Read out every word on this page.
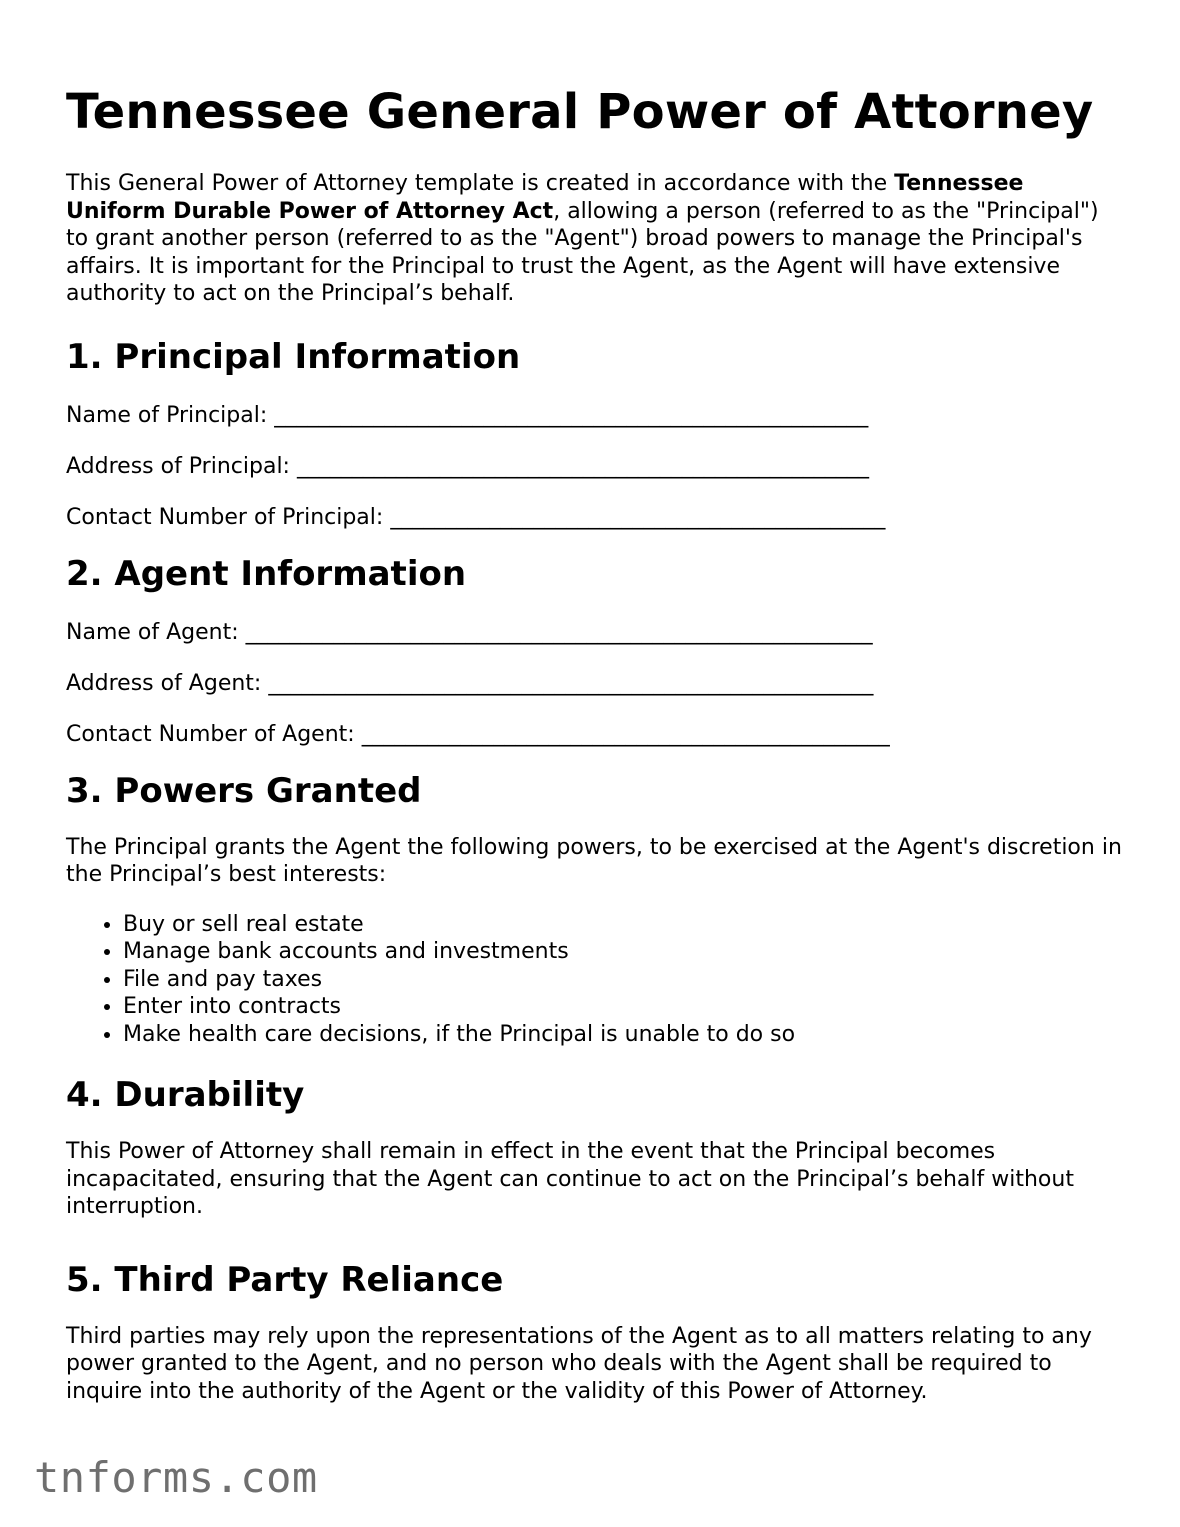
Tennessee General Power of Attorney

This General Power of Attorney template is created in accordance with the Tennessee Uniform Durable Power of Attorney Act, allowing a person (referred to as the "Principal") to grant another person (referred to as the "Agent") broad powers to manage the Principal's affairs. It is important for the Principal to trust the Agent, as the Agent will have extensive authority to act on the Principal’s behalf.

1. Principal Information
Name of Principal: ______________________________________________________
Address of Principal: ____________________________________________________
Contact Number of Principal: _____________________________________________
2. Agent Information
Name of Agent: _________________________________________________________
Address of Agent: _______________________________________________________
Contact Number of Agent: ________________________________________________
3. Powers Granted

The Principal grants the Agent the following powers, to be exercised at the Agent's discretion in the Principal’s best interests:

• Buy or sell real estate
• Manage bank accounts and investments
• File and pay taxes
• Enter into contracts
• Make health care decisions, if the Principal is unable to do so
4. Durability

This Power of Attorney shall remain in effect in the event that the Principal becomes incapacitated, ensuring that the Agent can continue to act on the Principal’s behalf without interruption.

5. Third Party Reliance

Third parties may rely upon the representations of the Agent as to all matters relating to any power granted to the Agent, and no person who deals with the Agent shall be required to inquire into the authority of the Agent or the validity of this Power of Attorney.

tnforms.com
